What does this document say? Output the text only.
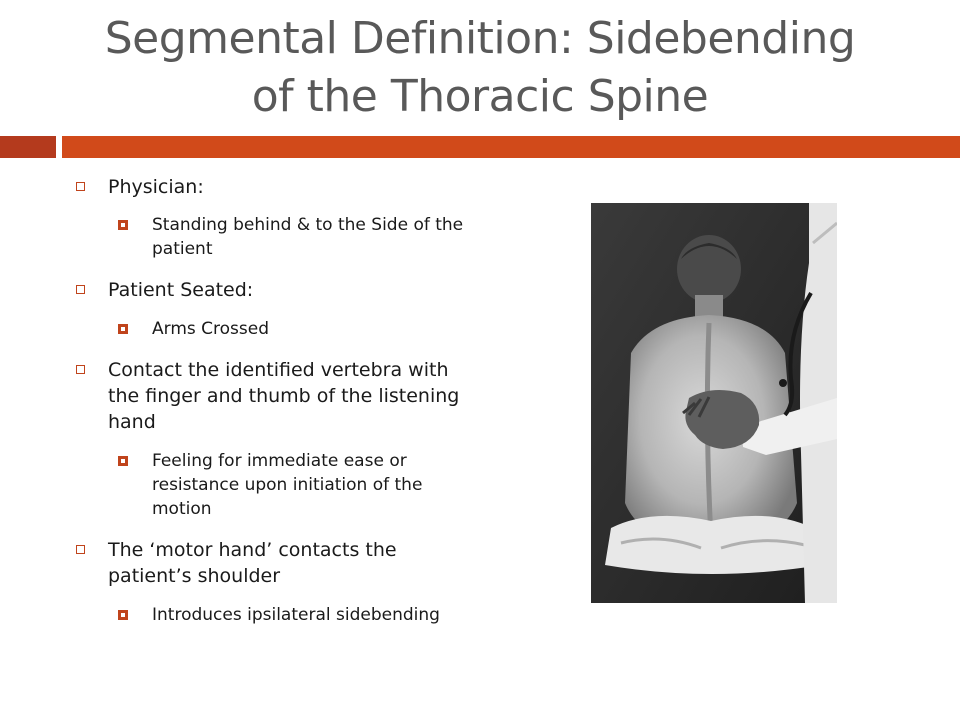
Segmental Definition: Sidebending
of the Thoracic Spine
Physician:
Standing behind & to the Side of the patient
Patient Seated:
Arms Crossed
Contact the identified vertebra with the finger and thumb of the listening hand
Feeling for immediate ease or resistance upon initiation of the motion
The ‘motor hand’ contacts the patient’s shoulder
Introduces ipsilateral sidebending
